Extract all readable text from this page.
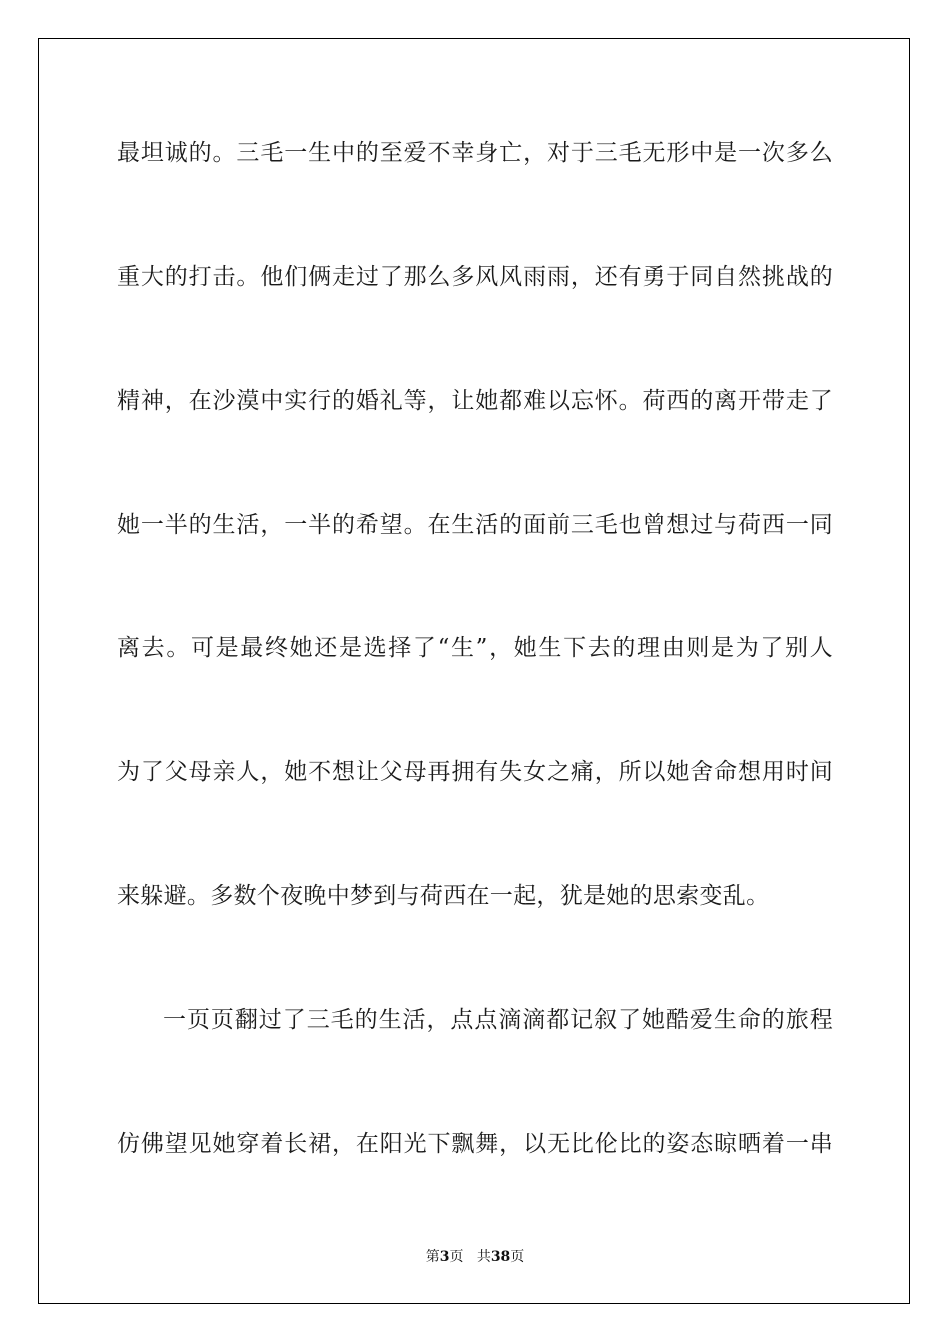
最坦诚的。三毛一生中的至爱不幸身亡，对于三毛无形中是一次多么
重大的打击。他们俩走过了那么多风风雨雨，还有勇于同自然挑战的
精神，在沙漠中实行的婚礼等，让她都难以忘怀。荷西的离开带走了
她一半的生活，一半的希望。在生活的面前三毛也曾想过与荷西一同
离去。可是最终她还是选择了“生”，她生下去的理由则是为了别人
为了父母亲人，她不想让父母再拥有失女之痛，所以她舍命想用时间
来躲避。多数个夜晚中梦到与荷西在一起，犹是她的思索变乱。
一页页翻过了三毛的生活，点点滴滴都记叙了她酷爱生命的旅程
仿佛望见她穿着长裙，在阳光下飘舞，以无比伦比的姿态晾晒着一串
第3页 共38页
